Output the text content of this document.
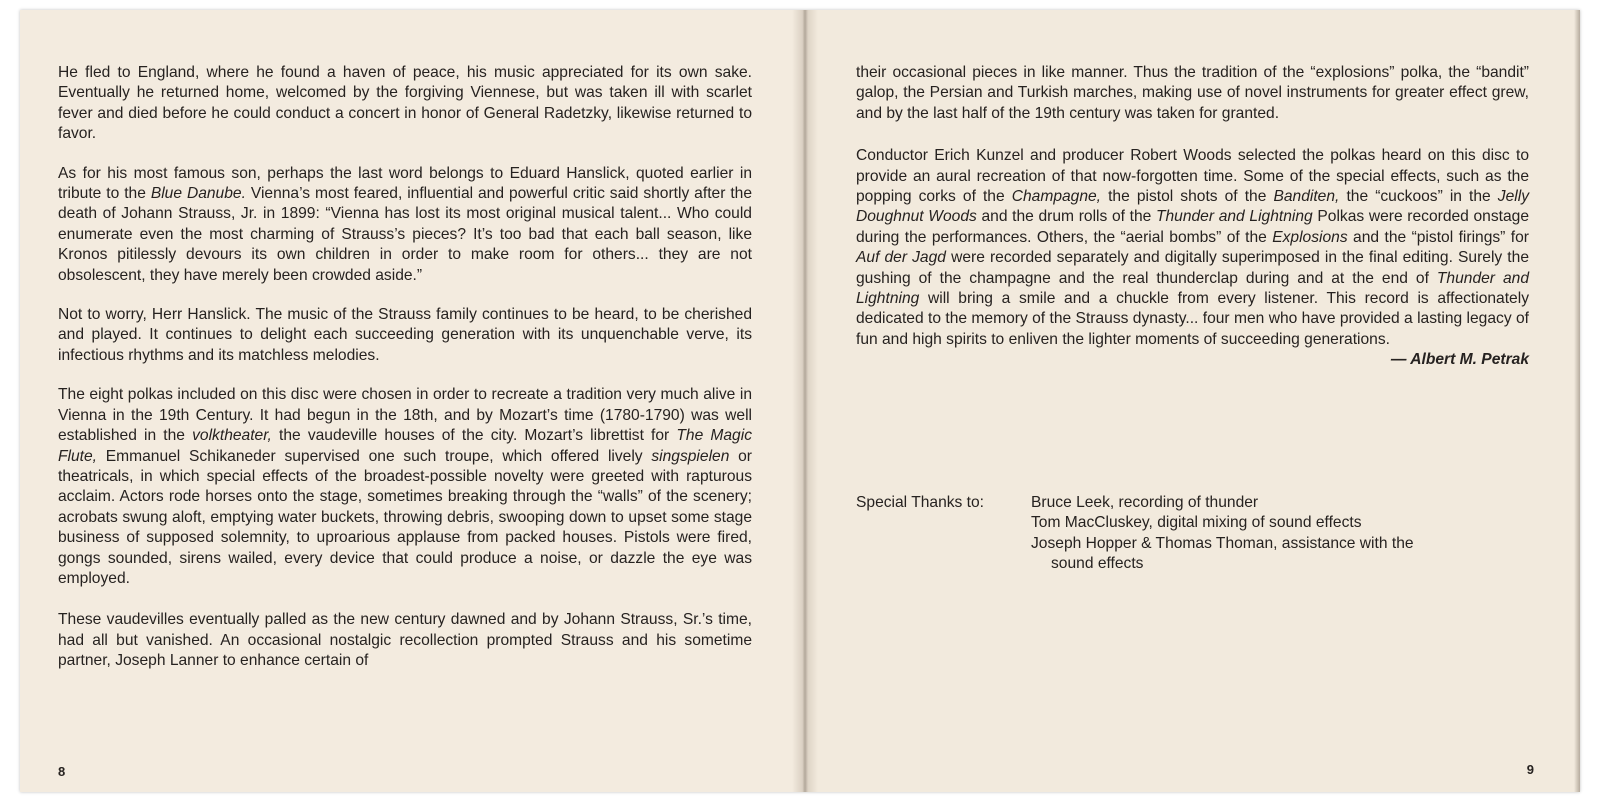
He fled to England, where he found a haven of peace, his music appreciated for its own sake. Eventually he returned home, welcomed by the forgiving Viennese, but was taken ill with scarlet fever and died before he could conduct a concert in honor of General Radetzky, likewise returned to favor.

As for his most famous son, perhaps the last word belongs to Eduard Hanslick, quoted earlier in tribute to the Blue Danube. Vienna’s most feared, influential and powerful critic said shortly after the death of Johann Strauss, Jr. in 1899: “Vienna has lost its most original musical talent... Who could enumerate even the most charming of Strauss’s pieces? It’s too bad that each ball season, like Kronos pitilessly devours its own children in order to make room for others... they are not obsolescent, they have merely been crowded aside.”

Not to worry, Herr Hanslick. The music of the Strauss family continues to be heard, to be cherished and played. It continues to delight each succeeding generation with its unquenchable verve, its infectious rhythms and its matchless melodies.

The eight polkas included on this disc were chosen in order to recreate a tradition very much alive in Vienna in the 19th Century. It had begun in the 18th, and by Mozart’s time (1780-1790) was well established in the volktheater, the vaudeville houses of the city. Mozart’s librettist for The Magic Flute, Emmanuel Schikaneder supervised one such troupe, which offered lively singspielen or theatricals, in which special effects of the broadest-possible novelty were greeted with rapturous acclaim. Actors rode horses onto the stage, sometimes breaking through the “walls” of the scenery; acrobats swung aloft, emptying water buckets, throwing debris, swooping down to upset some stage business of supposed solemnity, to uproarious applause from packed houses. Pistols were fired, gongs sounded, sirens wailed, every device that could produce a noise, or dazzle the eye was employed.

These vaudevilles eventually palled as the new century dawned and by Johann Strauss, Sr.’s time, had all but vanished. An occasional nostalgic recollection prompted Strauss and his sometime partner, Joseph Lanner to enhance certain of

8

their occasional pieces in like manner. Thus the tradition of the “explosions” polka, the “bandit” galop, the Persian and Turkish marches, making use of novel instruments for greater effect grew, and by the last half of the 19th century was taken for granted.

Conductor Erich Kunzel and producer Robert Woods selected the polkas heard on this disc to provide an aural recreation of that now-forgotten time. Some of the special effects, such as the popping corks of the Champagne, the pistol shots of the Banditen, the “cuckoos” in the Jelly Doughnut Woods and the drum rolls of the Thunder and Lightning Polkas were recorded onstage during the performances. Others, the “aerial bombs” of the Explosions and the “pistol firings” for Auf der Jagd were recorded separately and digitally superimposed in the final editing. Surely the gushing of the champagne and the real thunderclap during and at the end of Thunder and Lightning will bring a smile and a chuckle from every listener. This record is affectionately dedicated to the memory of the Strauss dynasty... four men who have provided a lasting legacy of fun and high spirits to enliven the lighter moments of succeeding generations.

— Albert M. Petrak
Special Thanks to:	Bruce Leek, recording of thunder
Tom MacCluskey, digital mixing of sound effects
Joseph Hopper & Thomas Thoman, assistance with the
sound effects
9
